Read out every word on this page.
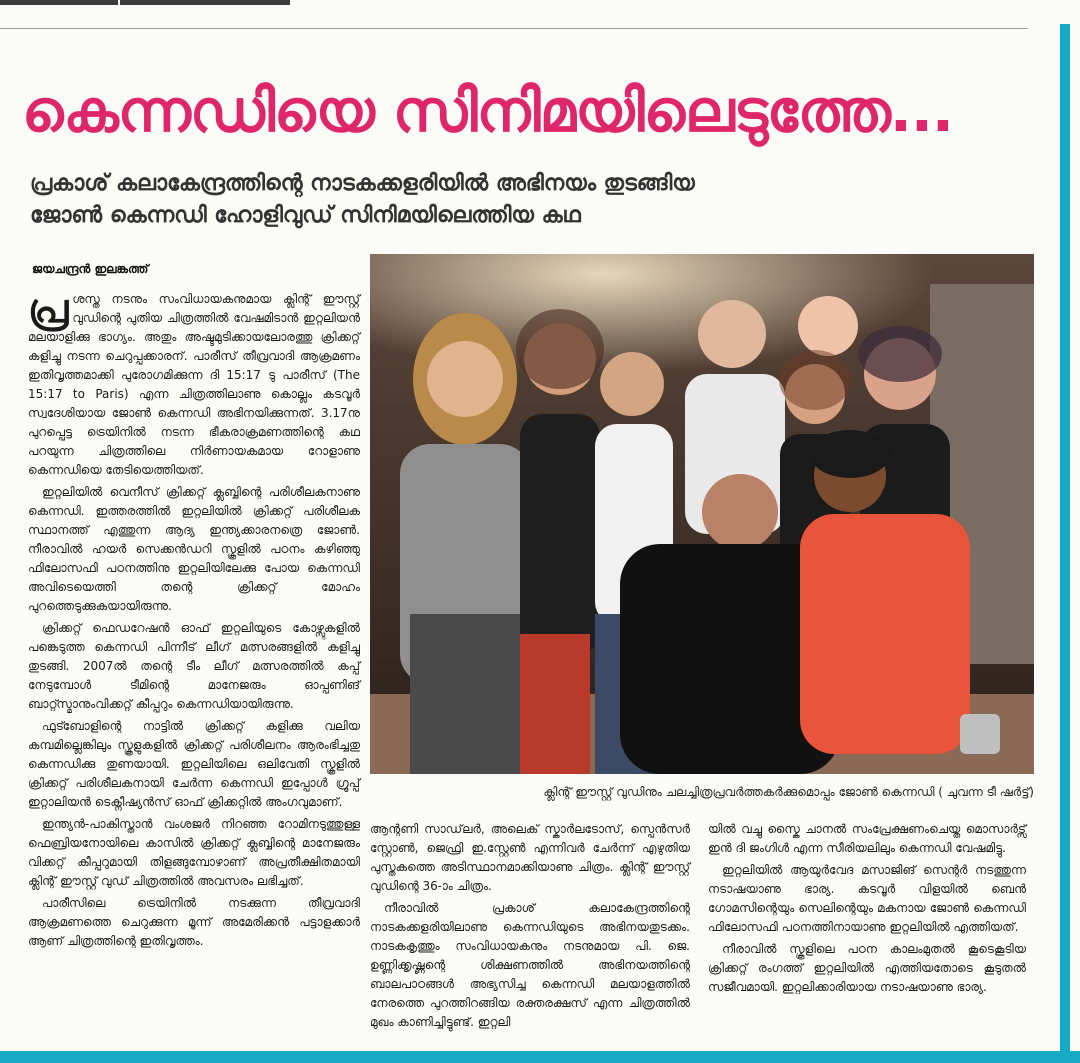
കെന്നഡിയെ സിനിമയിലെടുത്തേ...
പ്രകാശ് കലാകേന്ദ്രത്തിന്റെ നാടകക്കളരിയിൽ അഭിനയം തുടങ്ങിയ
ജോൺ കെന്നഡി ഹോളിവുഡ് സിനിമയിലെത്തിയ കഥ
ജയചന്ദ്രൻ ഇലങ്കത്ത്

പ്ര ശസ്ത നടനും സംവിധായകനുമായ ക്ലിന്റ് ഈസ്റ്റ് വുഡിന്റെ പുതിയ ചിത്രത്തിൽ വേഷമിടാൻ ഇറ്റലിയൻ മലയാളിക്കു ഭാഗ്യം. അതും അഷ്ടമുടിക്കായലോരത്തു ക്രിക്കറ്റ് കളിച്ചു നടന്ന ചെറുപ്പക്കാരന്. പാരീസ് തീവ്രവാദി ആക്രമണം ഇതിവൃത്തമാക്കി പുരോഗമിക്കുന്ന ദി 15:17 ടു പാരീസ് (The 15:17 to Paris) എന്ന ചിത്രത്തിലാണു കൊല്ലം കടവൂർ സ്വദേശിയായ ജോൺ കെന്നഡി അഭിനയിക്കുന്നത്. 3.17നു പുറപ്പെട്ട ട്രെയിനിൽ നടന്ന ഭീകരാക്രമണത്തിന്റെ കഥ പറയുന്ന ചിത്രത്തിലെ നിർണായകമായ റോളാണു കെന്നഡിയെ തേടിയെത്തിയത്.

ഇറ്റലിയിൽ വെനീസ് ക്രിക്കറ്റ് ക്ലബ്ബിന്റെ പരിശീലകനാണു കെന്നഡി. ഇത്തരത്തിൽ ഇറ്റലിയിൽ ക്രിക്കറ്റ് പരിശീലക സ്ഥാനത്ത് എത്തുന്ന ആദ്യ ഇന്ത്യക്കാരനത്രെ ജോൺ. നീരാവിൽ ഹയർ സെക്കൻഡറി സ്കൂളിൽ പഠനം കഴിഞ്ഞു ഫിലോസഫി പഠനത്തിനു ഇറ്റലിയിലേക്കു പോയ കെന്നഡി അവിടെയെത്തി തന്റെ ക്രിക്കറ്റ് മോഹം പുറത്തെടുക്കുകയായിരുന്നു.

ക്രിക്കറ്റ് ഫെഡറേഷൻ ഓഫ് ഇറ്റലിയുടെ കോഴ്സുകളിൽ പങ്കെടുത്ത കെന്നഡി പിന്നീട് ലീഗ് മത്സരങ്ങളിൽ കളിച്ചു തുടങ്ങി. 2007ൽ തന്റെ ടീം ലീഗ് മത്സരത്തിൽ കപ്പ് നേടുമ്പോൾ ടീമിന്റെ മാനേജരും ഓപ്പണിങ് ബാറ്റ്സ്മാനുംവിക്കറ്റ് കീപ്പറും കെന്നഡിയായിരുന്നു.

ഫുട്ബോളിന്റെ നാട്ടിൽ ക്രിക്കറ്റ് കളിക്കു വലിയ കമ്പമില്ലെങ്കിലും സ്കൂളുകളിൽ ക്രിക്കറ്റ് പരിശീലനം ആരംഭിച്ചതു കെന്നഡിക്കു തുണയായി. ഇറ്റലിയിലെ ഒലിവേതി സ്കൂളിൽ ക്രിക്കറ്റ് പരിശീലകനായി ചേർന്ന കെന്നഡി ഇപ്പോൾ ഗ്രൂപ്പ് ഇറ്റാലിയൻ ടെക്നീഷ്യൻസ് ഓഫ് ക്രിക്കറ്റിൽ അംഗവുമാണ്.

ഇന്ത്യൻ-പാകിസ്താൻ വംശജർ നിറഞ്ഞ റോമിനടുത്തുള്ള ഫെബ്രിയനോയിലെ കാസിൽ ക്രിക്കറ്റ് ക്ലബ്ബിന്റെ മാനേജരും വിക്കറ്റ് കീപ്പറുമായി തിളങ്ങുമ്പോഴാണ് അപ്രതീക്ഷിതമായി ക്ലിന്റ് ഈസ്റ്റ് വുഡ് ചിത്രത്തിൽ അവസരം ലഭിച്ചത്.

പാരീസിലെ ട്രെയിനിൽ നടക്കുന്ന തീവ്രവാദി ആക്രമണത്തെ ചെറുക്കുന്ന മൂന്ന് അമേരിക്കൻ പട്ടാളക്കാർ ആണ് ചിത്രത്തിന്റെ ഇതിവൃത്തം.

ക്ലിന്റ് ഈസ്റ്റ് വുഡിനും ചലച്ചിത്രപ്രവർത്തകർക്കുമൊപ്പം ജോൺ കെന്നഡി ( ചുവന്ന ടീ ഷർട്ട്)

ആന്റണി സാഡ്‌ലർ, അലെക് സ്കാർലടോസ്, സ്പെൻസർ സ്റ്റോൺ, ജെഫ്രി ഇ.സ്റ്റേൺ എന്നിവർ ചേർന്ന് എഴുതിയ പുസ്തകത്തെ അടിസ്ഥാനമാക്കിയാണു ചിത്രം. ക്ലിന്റ് ഈസ്റ്റ് വുഡിന്റെ 36-ാം ചിത്രം.

നീരാവിൽ പ്രകാശ് കലാകേന്ദ്രത്തിന്റെ നാടകക്കളരിയിലാണു കെന്നഡിയുടെ അഭിനയതുടക്കം. നാടകകൃത്തും സംവിധായകനും നടനുമായ പി. ജെ. ഉണ്ണിക്കൃഷ്ണന്റെ ശിക്ഷണത്തിൽ അഭിനയത്തിന്റെ ബാലപാഠങ്ങൾ അഭ്യസിച്ച കെന്നഡി മലയാളത്തിൽ നേരത്തെ പുറത്തിറങ്ങിയ രക്തരക്ഷസ് എന്ന ചിത്രത്തിൽ മുഖം കാണിച്ചിട്ടുണ്ട്. ഇറ്റലി

യിൽ വച്ചു സ്കൈ ചാനൽ സംപ്രേക്ഷണംചെയ്ത മൊസാർട്സ് ഇൻ ദി ജംഗിൾ എന്ന സീരിയലിലും കെന്നഡി വേഷമിട്ടു.

ഇറ്റലിയിൽ ആയുർവേദ മസാജിങ് സെന്റർ നടത്തുന്ന നടാഷയാണു ഭാര്യ. കടവൂർ വിളയിൽ ബെൻ ഗോമസിന്റെയും സെലിന്റെയും മകനായ ജോൺ കെന്നഡി ഫിലോസഫി പഠനത്തിനായാണു ഇറ്റലിയിൽ എത്തിയത്.

നീരാവിൽ സ്കൂളിലെ പഠന കാലംമുതൽ കൂടെകൂടിയ ക്രിക്കറ്റ് രംഗത്ത് ഇറ്റലിയിൽ എത്തിയതോടെ കൂടുതൽ സജീവമായി. ഇറ്റലിക്കാരിയായ നടാഷയാണു ഭാര്യ.
